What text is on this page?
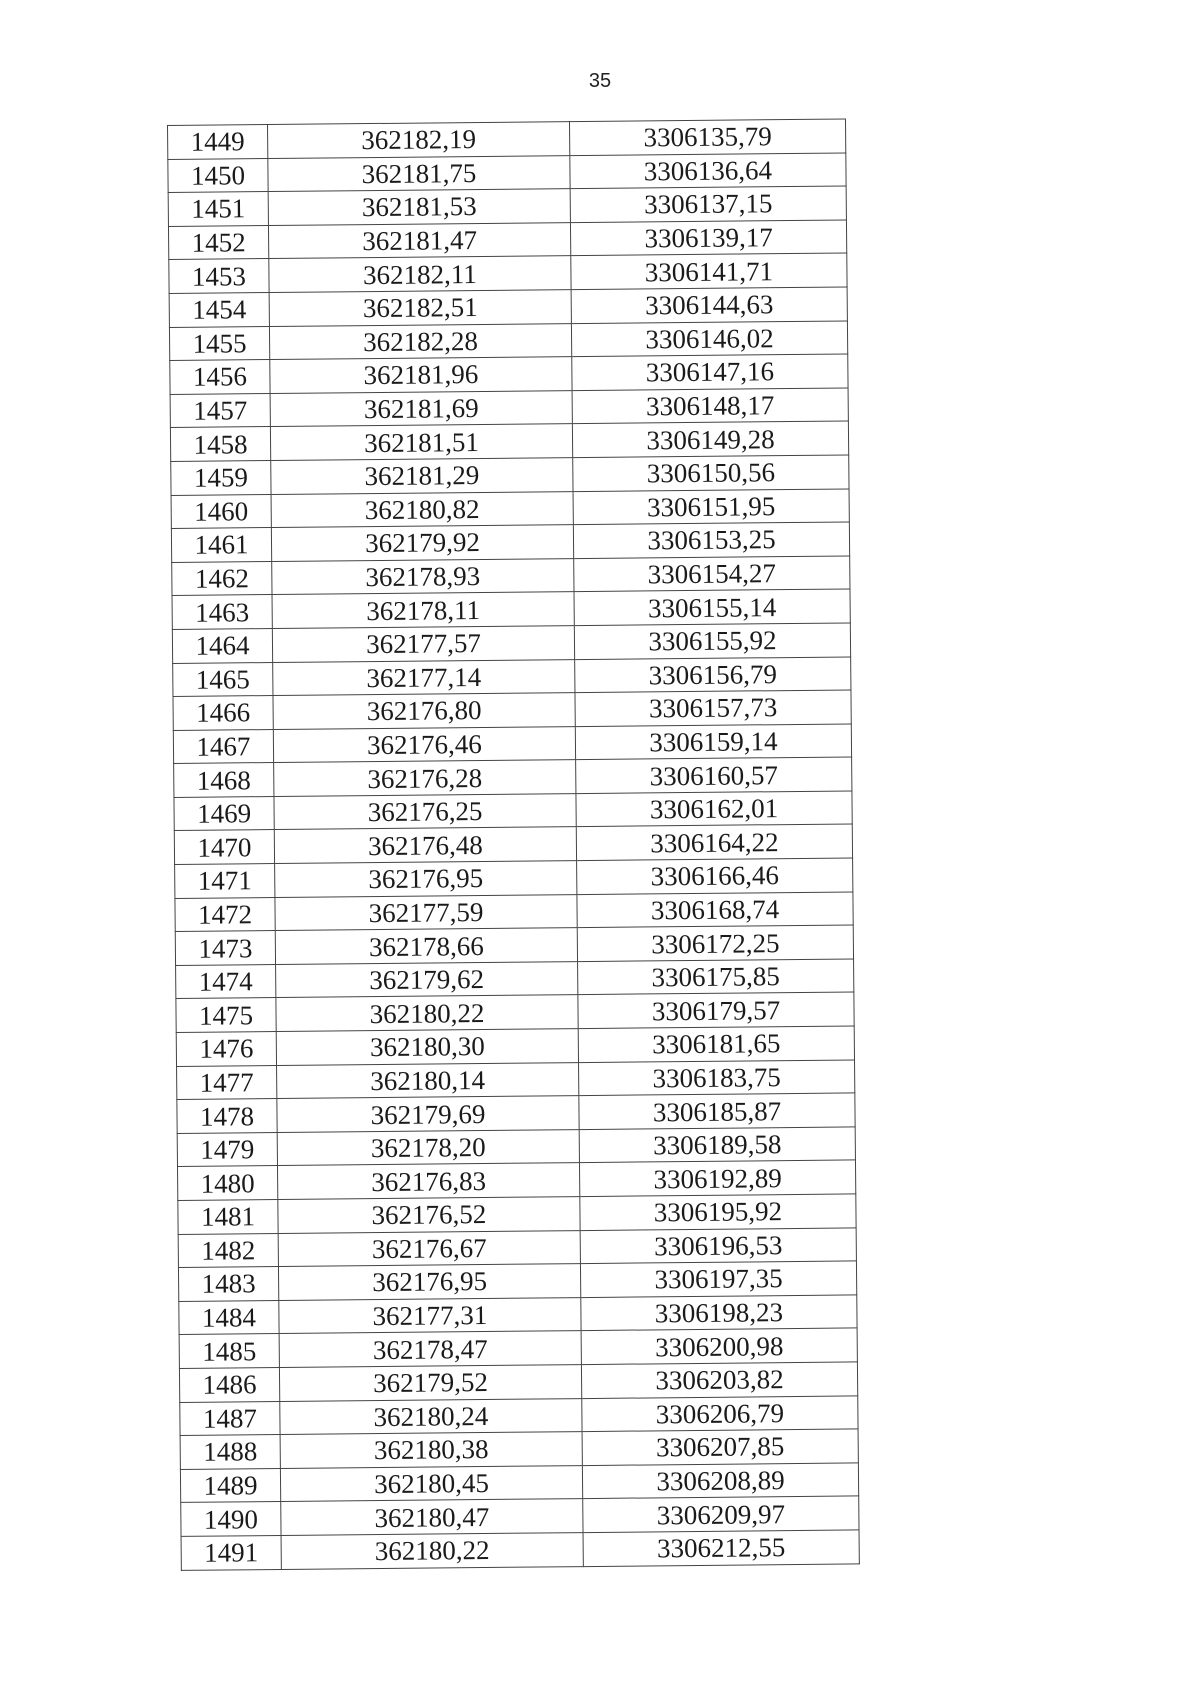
35
1449	362182,19	3306135,79
1450	362181,75	3306136,64
1451	362181,53	3306137,15
1452	362181,47	3306139,17
1453	362182,11	3306141,71
1454	362182,51	3306144,63
1455	362182,28	3306146,02
1456	362181,96	3306147,16
1457	362181,69	3306148,17
1458	362181,51	3306149,28
1459	362181,29	3306150,56
1460	362180,82	3306151,95
1461	362179,92	3306153,25
1462	362178,93	3306154,27
1463	362178,11	3306155,14
1464	362177,57	3306155,92
1465	362177,14	3306156,79
1466	362176,80	3306157,73
1467	362176,46	3306159,14
1468	362176,28	3306160,57
1469	362176,25	3306162,01
1470	362176,48	3306164,22
1471	362176,95	3306166,46
1472	362177,59	3306168,74
1473	362178,66	3306172,25
1474	362179,62	3306175,85
1475	362180,22	3306179,57
1476	362180,30	3306181,65
1477	362180,14	3306183,75
1478	362179,69	3306185,87
1479	362178,20	3306189,58
1480	362176,83	3306192,89
1481	362176,52	3306195,92
1482	362176,67	3306196,53
1483	362176,95	3306197,35
1484	362177,31	3306198,23
1485	362178,47	3306200,98
1486	362179,52	3306203,82
1487	362180,24	3306206,79
1488	362180,38	3306207,85
1489	362180,45	3306208,89
1490	362180,47	3306209,97
1491	362180,22	3306212,55
